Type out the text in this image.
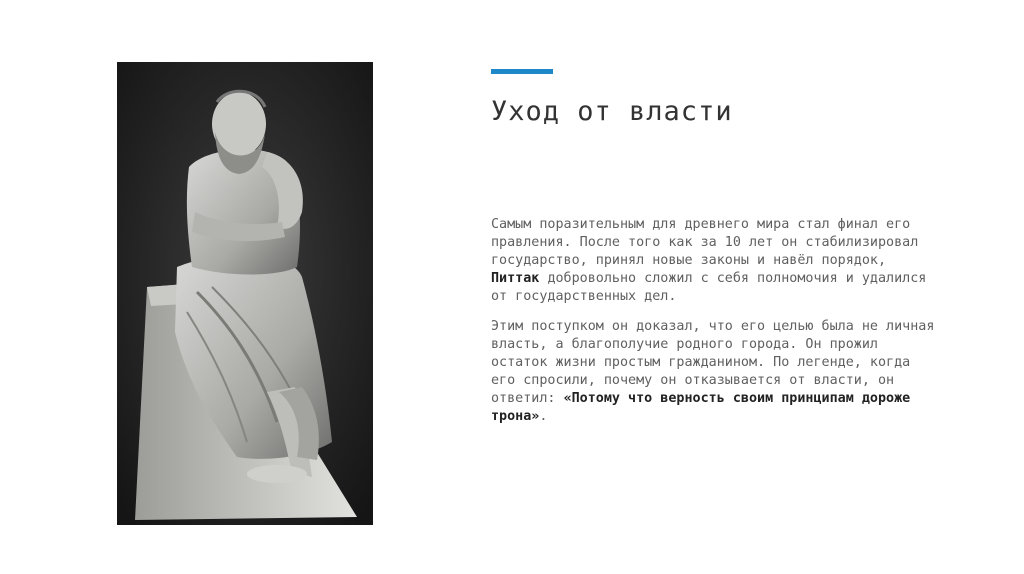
Уход от власти

Самым поразительным для древнего мира стал финал его правления. После того как за 10 лет он стабилизировал государство, принял новые законы и навёл порядок,
Питтак добровольно сложил с себя полномочия и удалился от государственных дел.

Этим поступком он доказал, что его целью была не личная власть, а благополучие родного города. Он прожил остаток жизни простым гражданином. По легенде, когда его спросили, почему он отказывается от власти, он ответил: «Потому что верность своим принципам дороже трона».
